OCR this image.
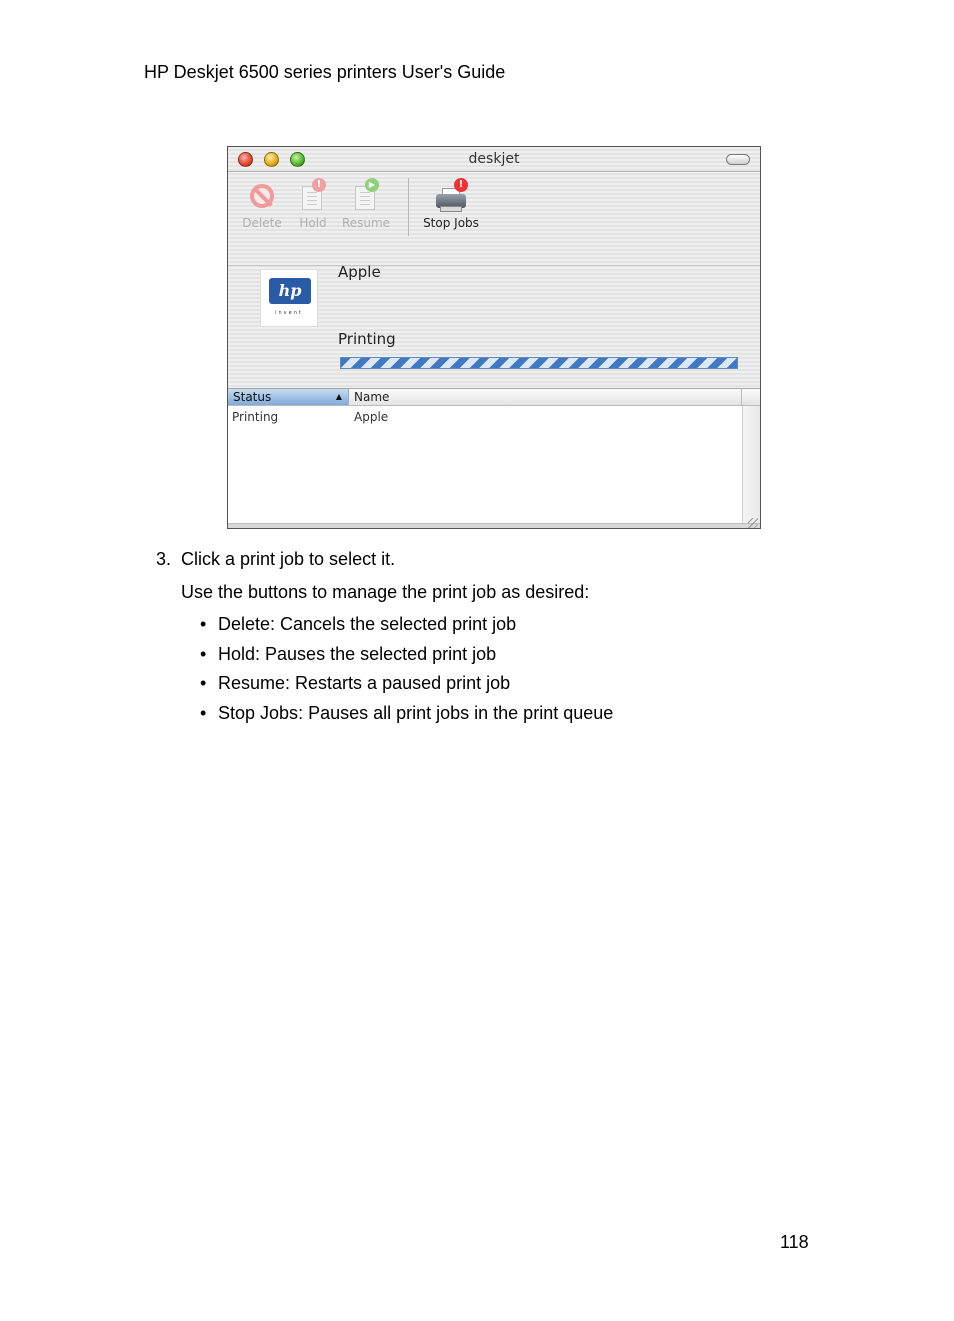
HP Deskjet 6500 series printers User's Guide
deskjet
Delete
!
Hold
▶
Resume
!
Stop Jobs
hp
invent
Apple
Printing
Status	▲ Name
Printing	Apple
3. Click a print job to select it.
Use the buttons to manage the print job as desired:
• Delete: Cancels the selected print job
• Hold: Pauses the selected print job
• Resume: Restarts a paused print job
• Stop Jobs: Pauses all print jobs in the print queue
118
